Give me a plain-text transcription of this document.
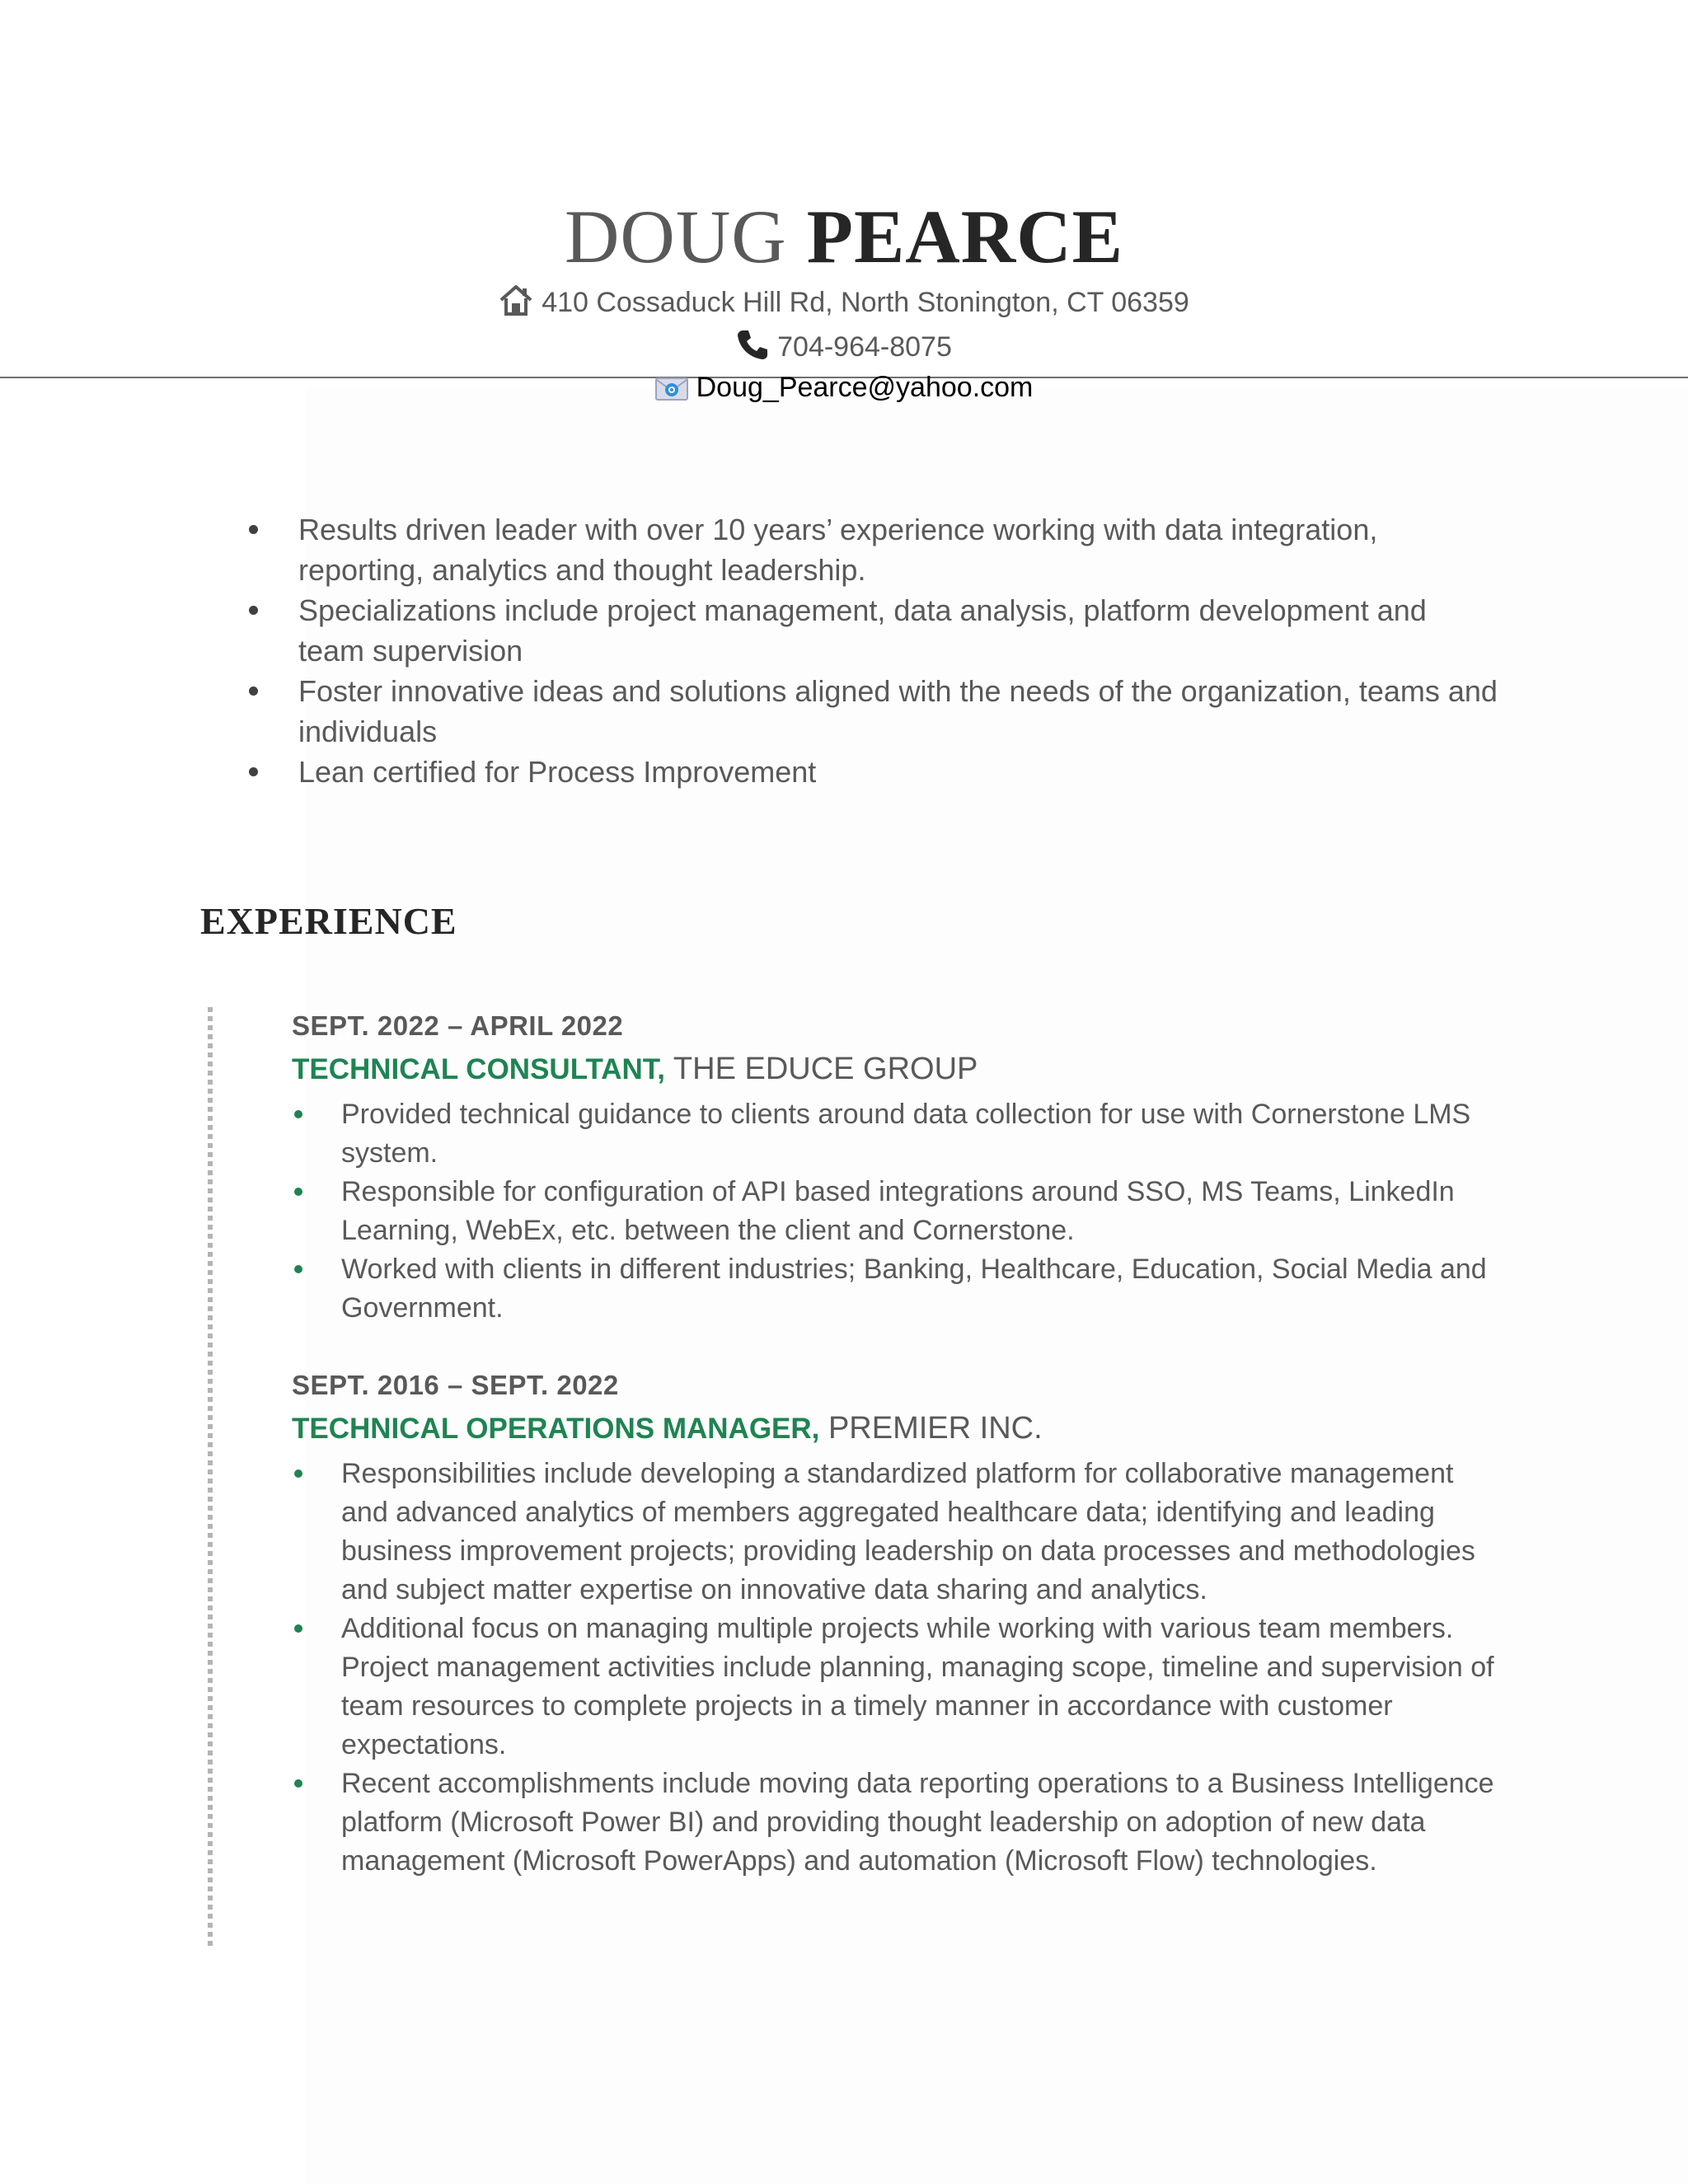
DOUG PEARCE
410 Cossaduck Hill Rd, North Stonington, CT 06359
704-964-8075
Doug_Pearce@yahoo.com
Results driven leader with over 10 years’ experience working with data integration, reporting, analytics and thought leadership.
Specializations include project management, data analysis, platform development and team supervision
Foster innovative ideas and solutions aligned with the needs of the organization, teams and individuals
Lean certified for Process Improvement
EXPERIENCE
SEPT. 2022 – APRIL 2022
TECHNICAL CONSULTANT, THE EDUCE GROUP
Provided technical guidance to clients around data collection for use with Cornerstone LMS system.
Responsible for configuration of API based integrations around SSO, MS Teams, LinkedIn Learning, WebEx, etc. between the client and Cornerstone.
Worked with clients in different industries; Banking, Healthcare, Education, Social Media and Government.
SEPT. 2016 – SEPT. 2022
TECHNICAL OPERATIONS MANAGER, PREMIER INC.
Responsibilities include developing a standardized platform for collaborative management and advanced analytics of members aggregated healthcare data; identifying and leading business improvement projects; providing leadership on data processes and methodologies and subject matter expertise on innovative data sharing and analytics.
Additional focus on managing multiple projects while working with various team members. Project management activities include planning, managing scope, timeline and supervision of team resources to complete projects in a timely manner in accordance with customer expectations.
Recent accomplishments include moving data reporting operations to a Business Intelligence platform (Microsoft Power BI) and providing thought leadership on adoption of new data management (Microsoft PowerApps) and automation (Microsoft Flow) technologies.
